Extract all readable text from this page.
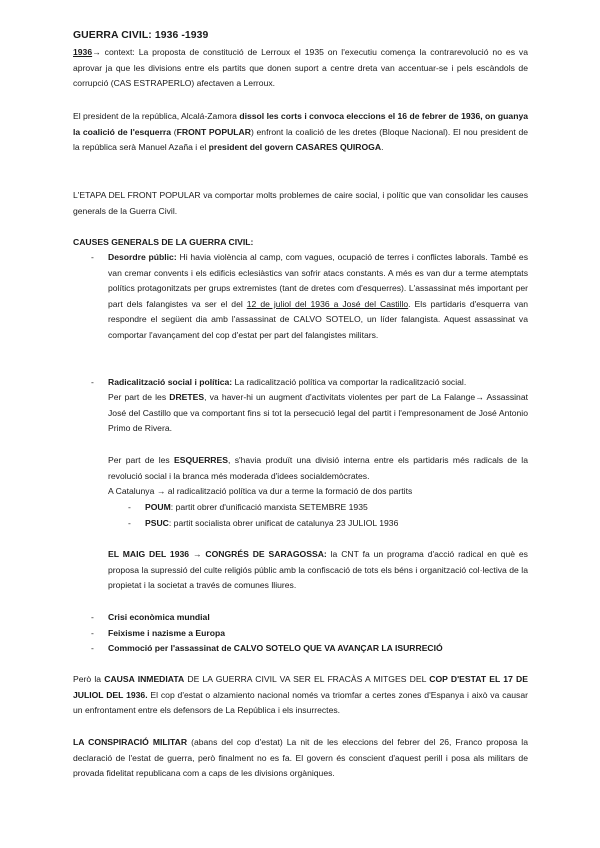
GUERRA CIVIL: 1936 -1939
1936→ context: La proposta de constitució de Lerroux el 1935 on l'executiu comença la contrarevolució no es va aprovar ja que les divisions entre els partits que donen suport a centre dreta van accentuar-se i pels escàndols de corrupció (CAS ESTRAPERLO) afectaven a Lerroux.
El president de la república, Alcalá-Zamora dissol les corts i convoca eleccions el 16 de febrer de 1936, on guanya la coalició de l'esquerra (FRONT POPULAR) enfront la coalició de les dretes (Bloque Nacional). El nou president de la república serà Manuel Azaña i el president del govern CASARES QUIROGA.
L'ETAPA DEL FRONT POPULAR va comportar molts problemes de caire social, i polític que van consolidar les causes generals de la Guerra Civil.
CAUSES GENERALS DE LA GUERRA CIVIL:
- Desordre públic: Hi havia violència al camp, com vagues, ocupació de terres i conflictes laborals. També es van cremar convents i els edificis eclesiàstics van sofrir atacs constants. A més es van dur a terme atemptats polítics protagonitzats per grups extremistes (tant de dretes com d'esquerres). L'assassinat més important per part dels falangistes va ser el del 12 de juliol del 1936 a José del Castillo. Els partidaris d'esquerra van respondre el següent dia amb l'assassinat de CALVO SOTELO, un líder falangista. Aquest assassinat va comportar l'avançament del cop d'estat per part del falangistes militars.
- Radicalització social i política: La radicalització política va comportar la radicalització social.
Per part de les DRETES, va haver-hi un augment d'activitats violentes per part de La Falange→ Assassinat José del Castillo que va comportant fins si tot la persecució legal del partit i l'empresonament de José Antonio Primo de Rivera.
Per part de les ESQUERRES, s'havia produït una divisió interna entre els partidaris més radicals de la revolució social i la branca més moderada d'idees socialdemòcrates.
A Catalunya → al radicalització política va dur a terme la formació de dos partits
- POUM: partit obrer d'unificació marxista SETEMBRE 1935
- PSUC: partit socialista obrer unificat de catalunya 23 JULIOL 1936
EL MAIG DEL 1936 → CONGRÉS DE SARAGOSSA: la CNT fa un programa d'acció radical en què es proposa la supressió del culte religiós públic amb la confiscació de tots els béns i organització col·lectiva de la propietat i la societat a través de comunes lliures.
- Crisi econòmica mundial
- Feixisme i nazisme a Europa
- Commoció per l'assassinat de CALVO SOTELO QUE VA AVANÇAR LA ISURRECIÓ
Però la CAUSA INMEDIATA DE LA GUERRA CIVIL VA SER EL FRACÀS A MITGES DEL COP D'ESTAT EL 17 DE JULIOL DEL 1936. El cop d'estat o alzamiento nacional només va triomfar a certes zones d'Espanya i això va causar un enfrontament entre els defensors de La República i els insurrectes.
LA CONSPIRACIÓ MILITAR (abans del cop d'estat) La nit de les eleccions del febrer del 26, Franco proposa la declaració de l'estat de guerra, però finalment no es fa. El govern és conscient d'aquest perill i posa als militars de provada fidelitat republicana com a caps de les divisions orgàniques.
